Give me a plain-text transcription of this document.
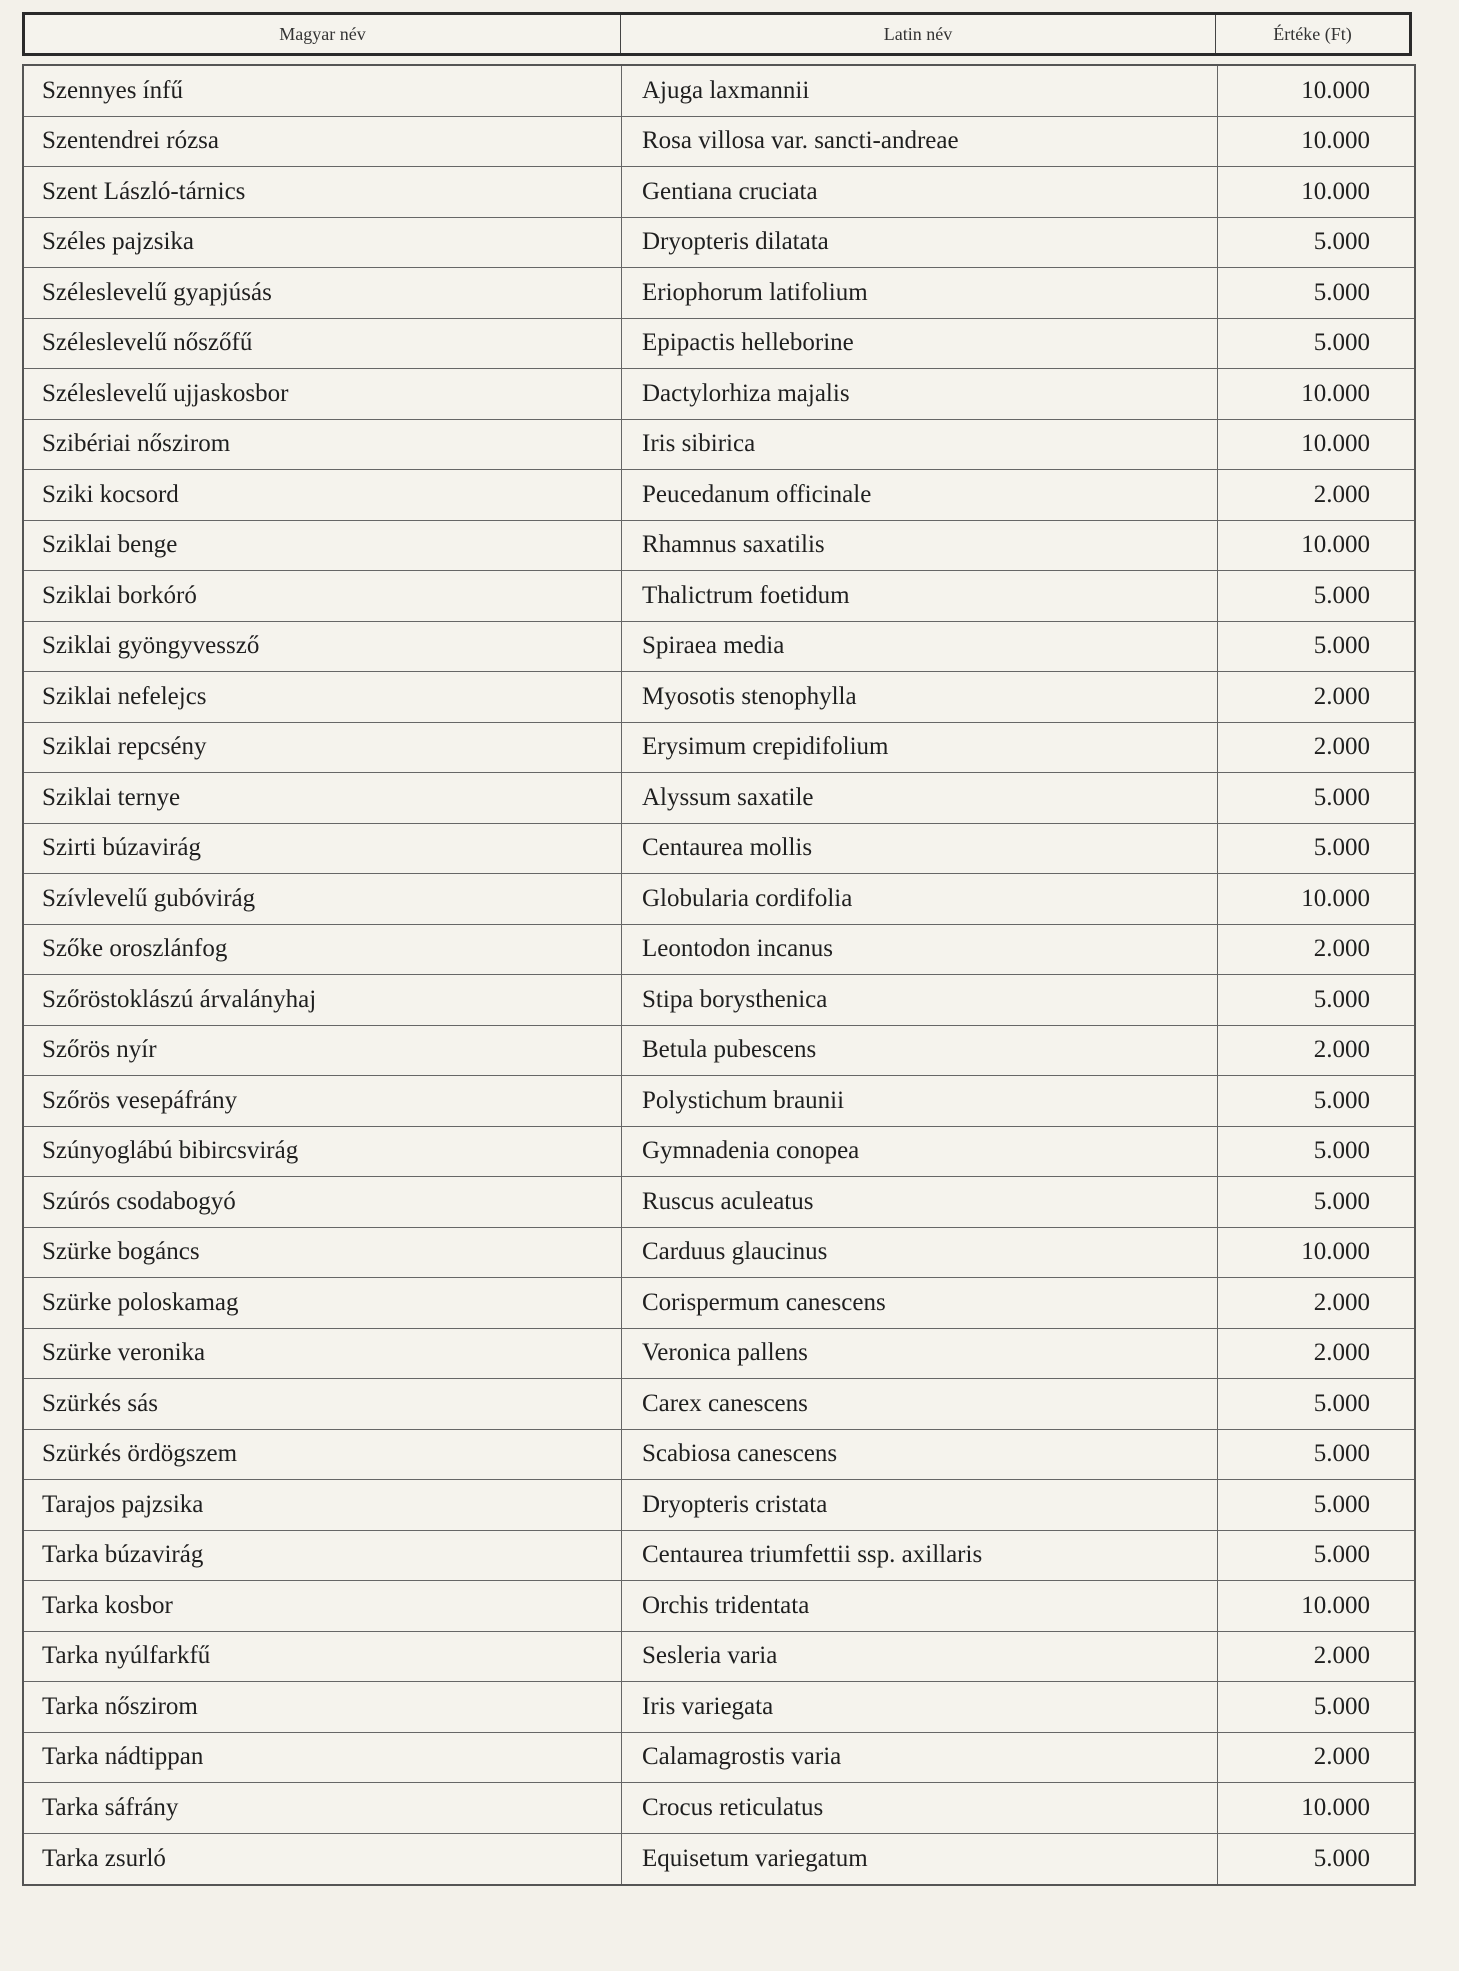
Magyar név	Latin név	Értéke (Ft)
Szennyes ínfű	Ajuga laxmannii	10.000
Szentendrei rózsa	Rosa villosa var. sancti-andreae	10.000
Szent László-tárnics	Gentiana cruciata	10.000
Széles pajzsika	Dryopteris dilatata	5.000
Széleslevelű gyapjúsás	Eriophorum latifolium	5.000
Széleslevelű nőszőfű	Epipactis helleborine	5.000
Széleslevelű ujjaskosbor	Dactylorhiza majalis	10.000
Szibériai nőszirom	Iris sibirica	10.000
Sziki kocsord	Peucedanum officinale	2.000
Sziklai benge	Rhamnus saxatilis	10.000
Sziklai borkóró	Thalictrum foetidum	5.000
Sziklai gyöngyvessző	Spiraea media	5.000
Sziklai nefelejcs	Myosotis stenophylla	2.000
Sziklai repcsény	Erysimum crepidifolium	2.000
Sziklai ternye	Alyssum saxatile	5.000
Szirti búzavirág	Centaurea mollis	5.000
Szívlevelű gubóvirág	Globularia cordifolia	10.000
Szőke oroszlánfog	Leontodon incanus	2.000
Szőröstoklászú árvalányhaj	Stipa borysthenica	5.000
Szőrös nyír	Betula pubescens	2.000
Szőrös vesepáfrány	Polystichum braunii	5.000
Szúnyoglábú bibircsvirág	Gymnadenia conopea	5.000
Szúrós csodabogyó	Ruscus aculeatus	5.000
Szürke bogáncs	Carduus glaucinus	10.000
Szürke poloskamag	Corispermum canescens	2.000
Szürke veronika	Veronica pallens	2.000
Szürkés sás	Carex canescens	5.000
Szürkés ördögszem	Scabiosa canescens	5.000
Tarajos pajzsika	Dryopteris cristata	5.000
Tarka búzavirág	Centaurea triumfettii ssp. axillaris	5.000
Tarka kosbor	Orchis tridentata	10.000
Tarka nyúlfarkfű	Sesleria varia	2.000
Tarka nőszirom	Iris variegata	5.000
Tarka nádtippan	Calamagrostis varia	2.000
Tarka sáfrány	Crocus reticulatus	10.000
Tarka zsurló	Equisetum variegatum	5.000
